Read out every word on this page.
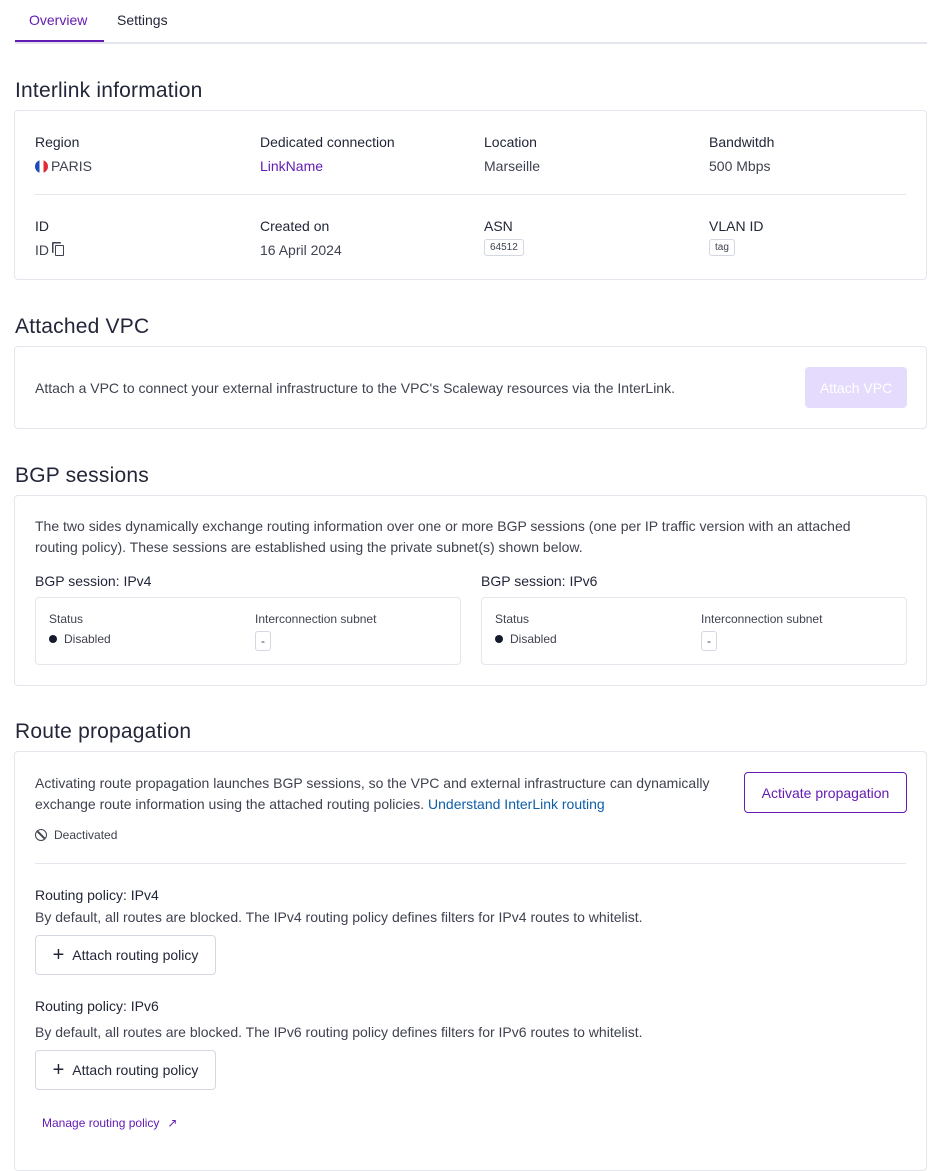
Overview Settings
Interlink information
Region
PARIS
Dedicated connection
LinkName
Location
Marseille
Bandwitdh
500 Mbps
ID
ID
Created on
16 April 2024
ASN
64512
VLAN ID
tag
Attached VPC
Attach a VPC to connect your external infrastructure to the VPC's Scaleway resources via the InterLink.	Attach VPC
BGP sessions
The two sides dynamically exchange routing information over one or more BGP sessions (one per IP traffic version with an attached routing policy). These sessions are established using the private subnet(s) shown below.
BGP session: IPv4	BGP session: IPv6
Status
Disabled
Interconnection subnet
-
Status
Disabled
Interconnection subnet
-
Route propagation

Activating route propagation launches BGP sessions, so the VPC and external infrastructure can dynamically exchange route information using the attached routing policies. Understand InterLink routing

Activate propagation
Deactivated
Routing policy: IPv4
By default, all routes are blocked. The IPv4 routing policy defines filters for IPv4 routes to whitelist.
+ Attach routing policy
Routing policy: IPv6
By default, all routes are blocked. The IPv6 routing policy defines filters for IPv6 routes to whitelist.
+ Attach routing policy
Manage routing policy ↗
